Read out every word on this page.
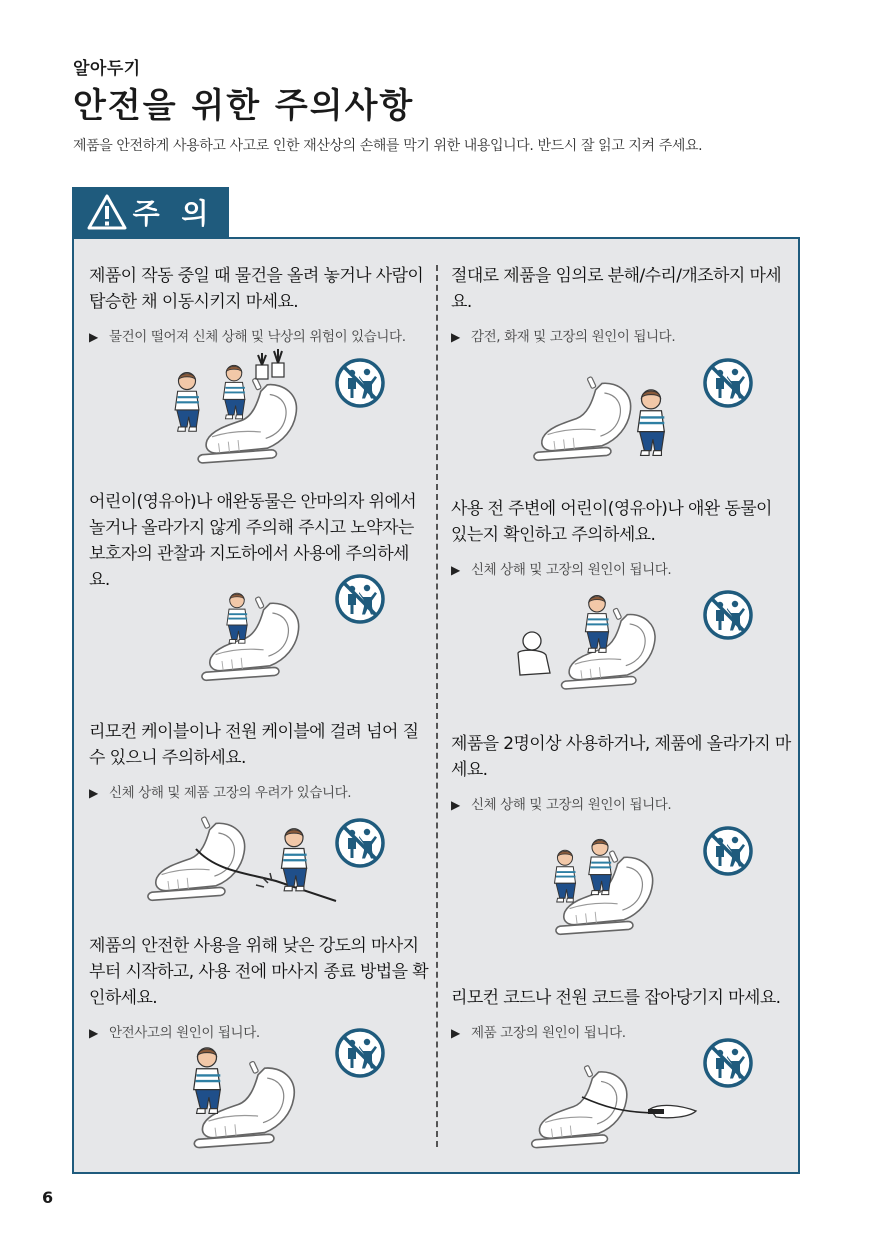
알아두기
안전을 위한 주의사항
제품을 안전하게 사용하고 사고로 인한 재산상의 손해를 막기 위한 내용입니다. 반드시 잘 읽고 지켜 주세요.
주 의
제품이 작동 중일 때 물건을 올려 놓거나 사람이 탑승한 채 이동시키지 마세요.

▶ 물건이 떨어져 신체 상해 및 낙상의 위험이 있습니다.

절대로 제품을 임의로 분해/수리/개조하지 마세요.

▶ 감전, 화재 및 고장의 원인이 됩니다.

어린이(영유아)나 애완동물은 안마의자 위에서 놀거나 올라가지 않게 주의해 주시고 노약자는 보호자의 관찰과 지도하에서 사용에 주의하세요.
사용 전 주변에 어린이(영유아)나 애완 동물이 있는지 확인하고 주의하세요.

▶ 신체 상해 및 고장의 원인이 됩니다.

리모컨 케이블이나 전원 케이블에 걸려 넘어 질 수 있으니 주의하세요.

▶ 신체 상해 및 제품 고장의 우려가 있습니다.

제품을 2명이상 사용하거나, 제품에 올라가지 마세요.

▶ 신체 상해 및 고장의 원인이 됩니다.

제품의 안전한 사용을 위해 낮은 강도의 마사지부터 시작하고, 사용 전에 마사지 종료 방법을 확인하세요.

▶ 안전사고의 원인이 됩니다.

리모컨 코드나 전원 코드를 잡아당기지 마세요.

▶ 제품 고장의 원인이 됩니다.

6
